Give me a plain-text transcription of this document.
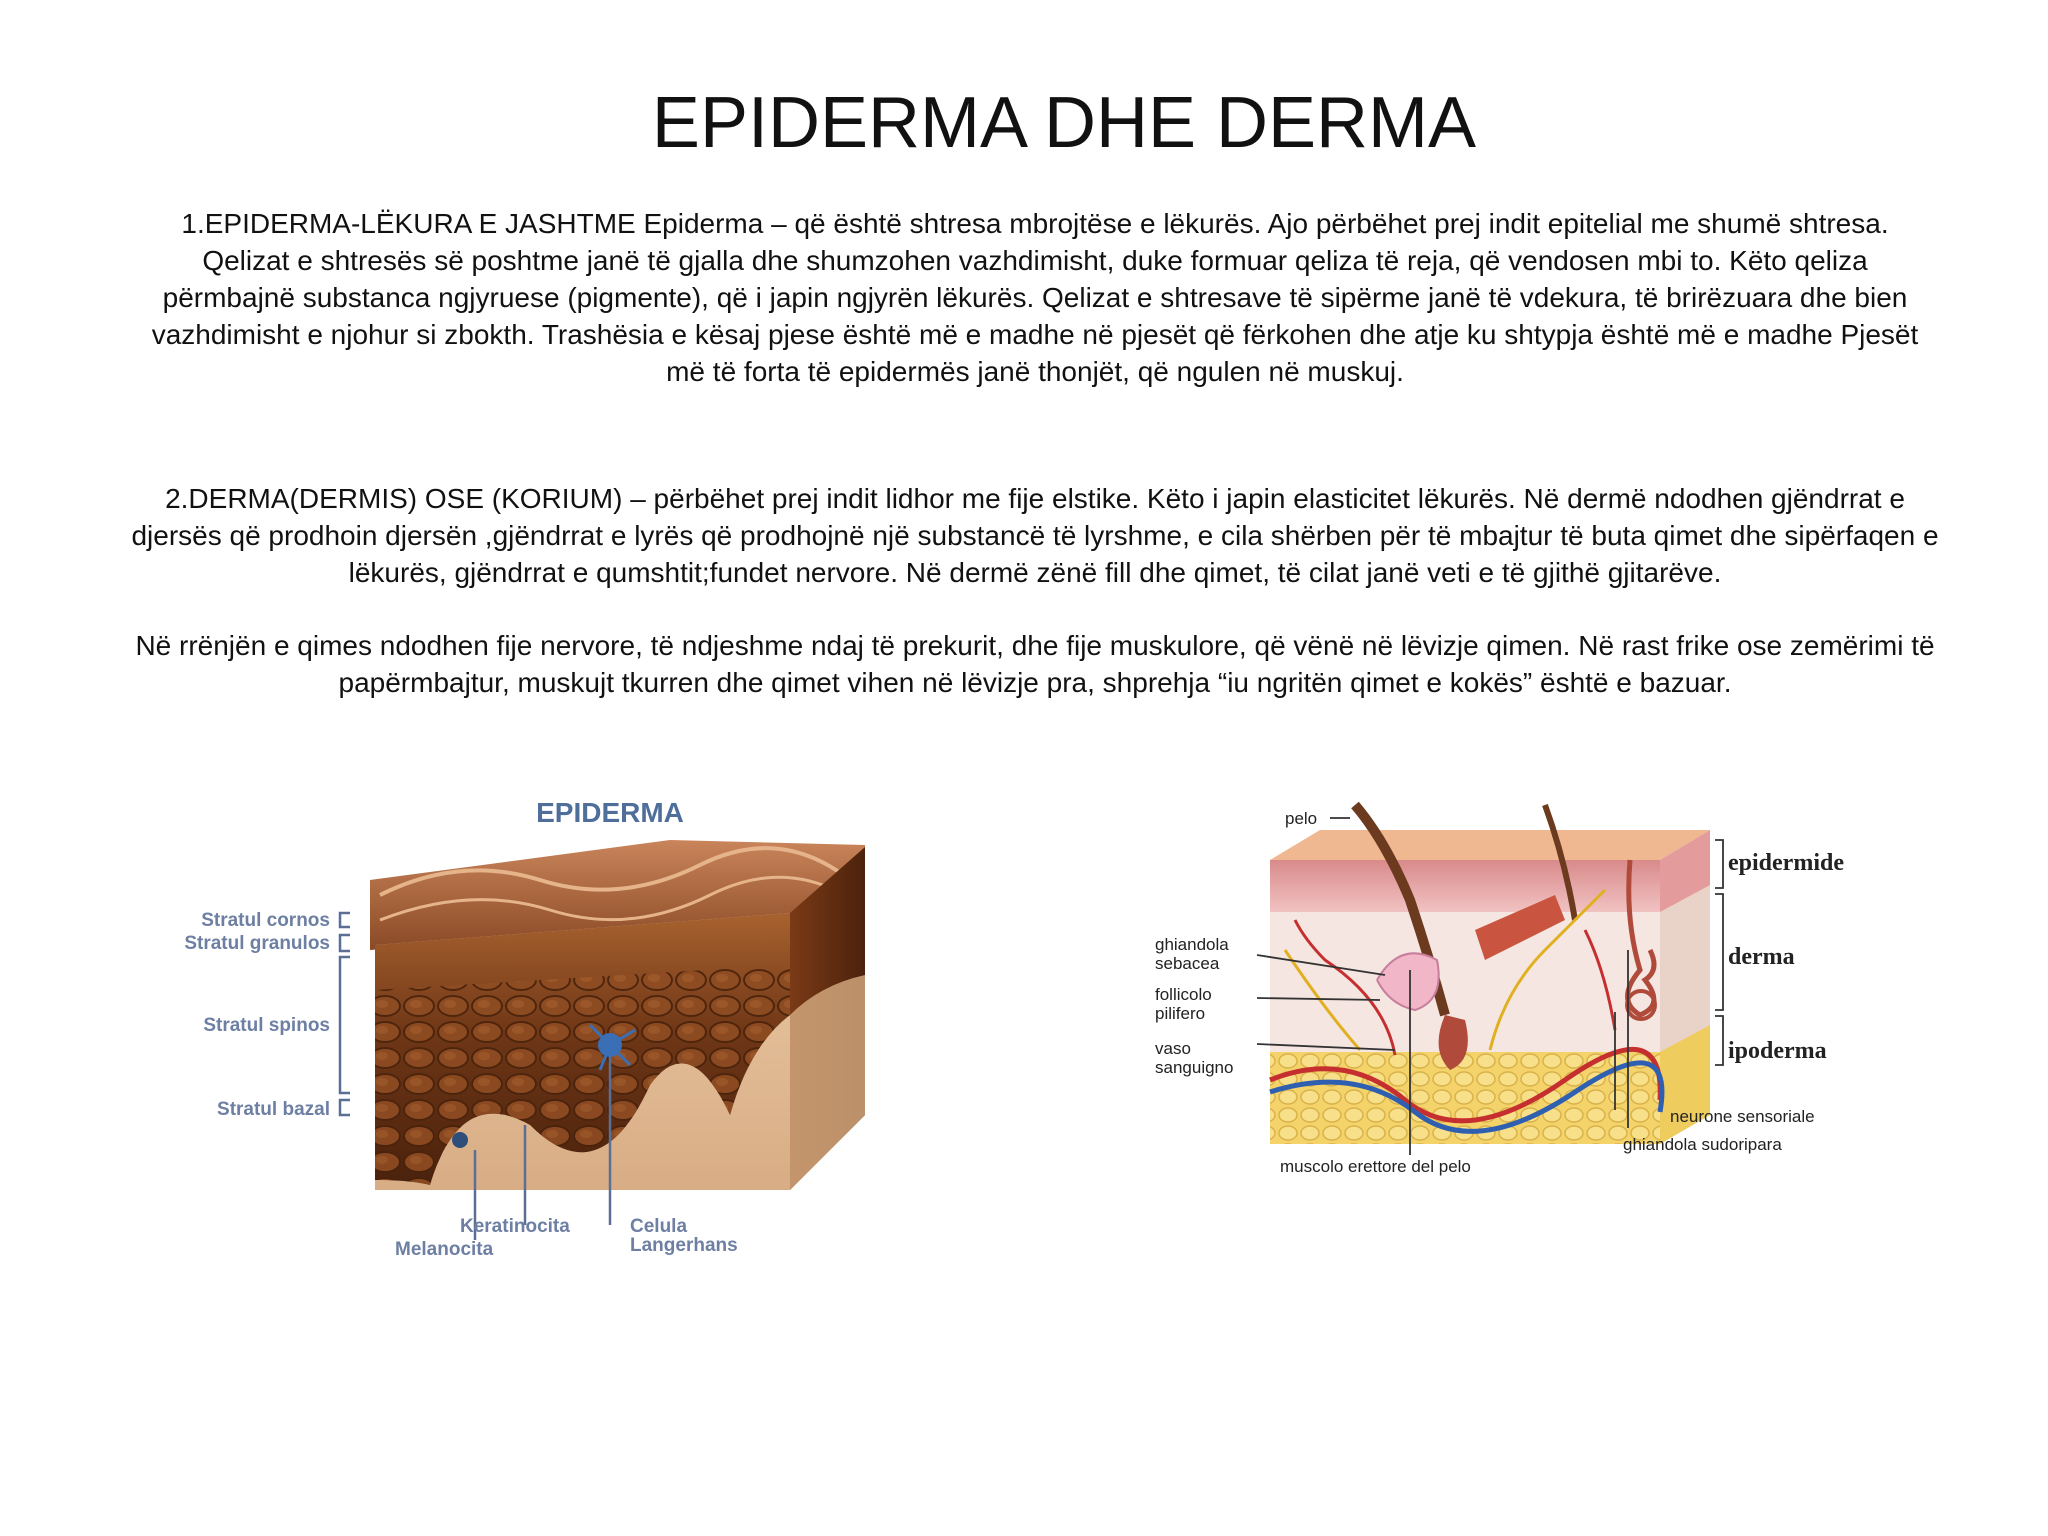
EPIDERMA DHE DERMA
1.EPIDERMA-LËKURA E JASHTME Epiderma – që është shtresa mbrojtëse e lëkurës. Ajo përbëhet prej indit epitelial me shumë shtresa. Qelizat e shtresës së poshtme janë të gjalla dhe shumzohen vazhdimisht, duke formuar qeliza të reja, që vendosen mbi to. Këto qeliza përmbajnë substanca ngjyruese (pigmente), që i japin ngjyrën lëkurës. Qelizat e shtresave të sipërme janë të vdekura, të brirëzuara dhe bien vazhdimisht e njohur si zbokth. Trashësia e kësaj pjese është më e madhe në pjesët që fërkohen dhe atje ku shtypja është më e madhe Pjesët më të forta të epidermës janë thonjët, që ngulen në muskuj.
2.DERMA(DERMIS) OSE (KORIUM) – përbëhet prej indit lidhor me fije elstike. Këto i japin elasticitet lëkurës. Në dermë ndodhen gjëndrrat e djersës që prodhoin djersën ,gjëndrrat e lyrës që prodhojnë një substancë të lyrshme, e cila shërben për të mbajtur të buta qimet dhe sipërfaqen e lëkurës, gjëndrrat e qumshtit;fundet nervore. Në dermë zënë fill dhe qimet, të cilat janë veti e të gjithë gjitarëve.
Në rrënjën e qimes ndodhen fije nervore, të ndjeshme ndaj të prekurit, dhe fije muskulore, që vënë në lëvizje qimen. Në rast frike ose zemërimi të papërmbajtur, muskujt tkurren dhe qimet vihen në lëvizje pra, shprehja “iu ngritën qimet e kokës” është e bazuar.
EPIDERMA
Stratul cornos
Stratul granulos
Stratul spinos
Stratul bazal
Keratinocita
Melanocita
Celula
Langerhans
pelo
ghiandola
sebacea
follicolo
pilifero
vaso
sanguigno
neurone sensoriale
ghiandola sudoripara
muscolo erettore del pelo
epidermide
derma
ipoderma
